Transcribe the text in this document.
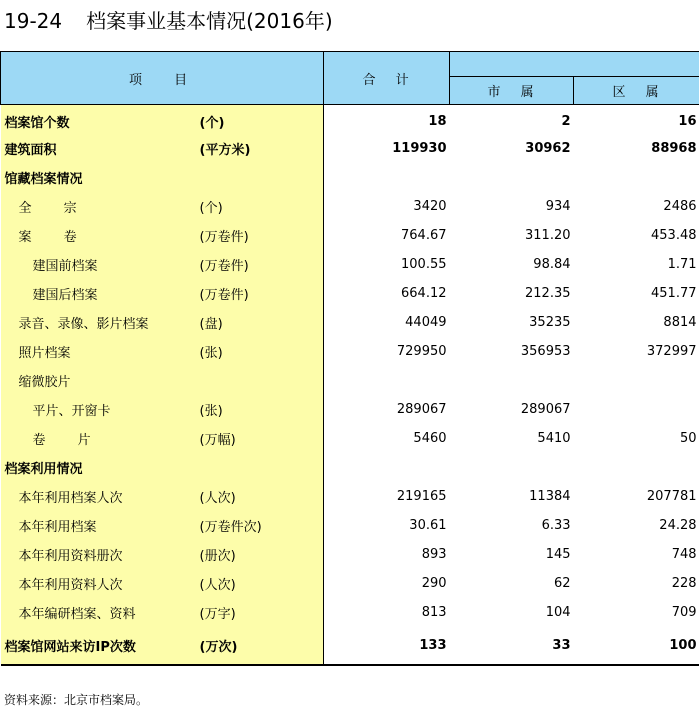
19-24 档案事业基本情况(2016年)
项 目		合 计		
			市 属	区 属
档案馆个数	(个)	18	2	16
建筑面积	(平方米)	119930	30962	88968
馆藏档案情况				
全 宗	(个)	3420	934	2486
案 卷	(万卷件)	764.67	311.20	453.48
建国前档案	(万卷件)	100.55	98.84	1.71
建国后档案	(万卷件)	664.12	212.35	451.77
录音、录像、影片档案	(盘)	44049	35235	8814
照片档案	(张)	729950	356953	372997
缩微胶片				
平片、开窗卡	(张)	289067	289067	
卷 片	(万幅)	5460	5410	50
档案利用情况				
本年利用档案人次	(人次)	219165	11384	207781
本年利用档案	(万卷件次)	30.61	6.33	24.28
本年利用资料册次	(册次)	893	145	748
本年利用资料人次	(人次)	290	62	228
本年编研档案、资料	(万字)	813	104	709
档案馆网站来访IP次数	(万次)	133	33	100
资料来源：北京市档案局。
